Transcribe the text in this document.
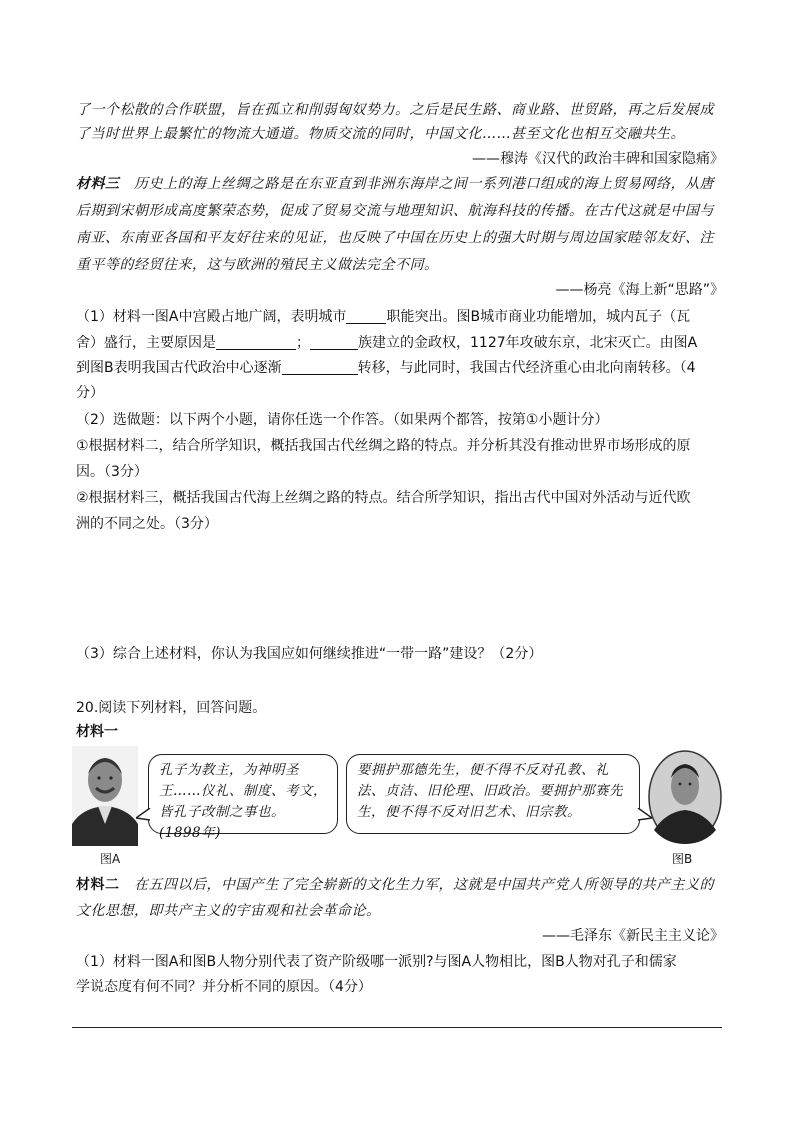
了一个松散的合作联盟，旨在孤立和削弱匈奴势力。之后是民生路、商业路、世贸路，再之后发展成
了当时世界上最繁忙的物流大通道。物质交流的同时，中国文化……甚至文化也相互交融共生。
——穆涛《汉代的政治丰碑和国家隐痛》
材料三　历史上的海上丝绸之路是在东亚直到非洲东海岸之间一系列港口组成的海上贸易网络，从唐
后期到宋朝形成高度繁荣态势，促成了贸易交流与地理知识、航海科技的传播。在古代这就是中国与
南亚、东南亚各国和平友好往来的见证，也反映了中国在历史上的强大时期与周边国家睦邻友好、注
重平等的经贸往来，这与欧洲的殖民主义做法完全不同。
——杨亮《海上新“思路”》
（1）材料一图A中宫殿占地广阔，表明城市	职能突出。图B城市商业功能增加，城内瓦子（瓦
舍）盛行，主要原因是	；	族建立的金政权，1127年攻破东京，北宋灭亡。由图A
到图B表明我国古代政治中心逐渐	转移，与此同时，我国古代经济重心由北向南转移。（4
分）
（2）选做题：以下两个小题，请你任选一个作答。（如果两个都答，按第①小题计分）
①根据材料二，结合所学知识，概括我国古代丝绸之路的特点。并分析其没有推动世界市场形成的原
因。（3分）
②根据材料三，概括我国古代海上丝绸之路的特点。结合所学知识，指出古代中国对外活动与近代欧
洲的不同之处。（3分）
（3）综合上述材料，你认为我国应如何继续推进“一带一路”建设？（2分）
20.阅读下列材料，回答问题。
材料一
图A
孔子为教主，为神明圣王……仪礼、制度、考文，皆孔子改制之事也。(1898年)
要拥护那德先生，便不得不反对孔教、礼法、贞洁、旧伦理、旧政治。要拥护那赛先生，便不得不反对旧艺术、旧宗教。
图B
材料二　在五四以后，中国产生了完全崭新的文化生力军，这就是中国共产党人所领导的共产主义的
文化思想，即共产主义的宇宙观和社会革命论。
——毛泽东《新民主主义论》
（1）材料一图A和图B人物分别代表了资产阶级哪一派别?与图A人物相比，图B人物对孔子和儒家
学说态度有何不同？并分析不同的原因。（4分）
